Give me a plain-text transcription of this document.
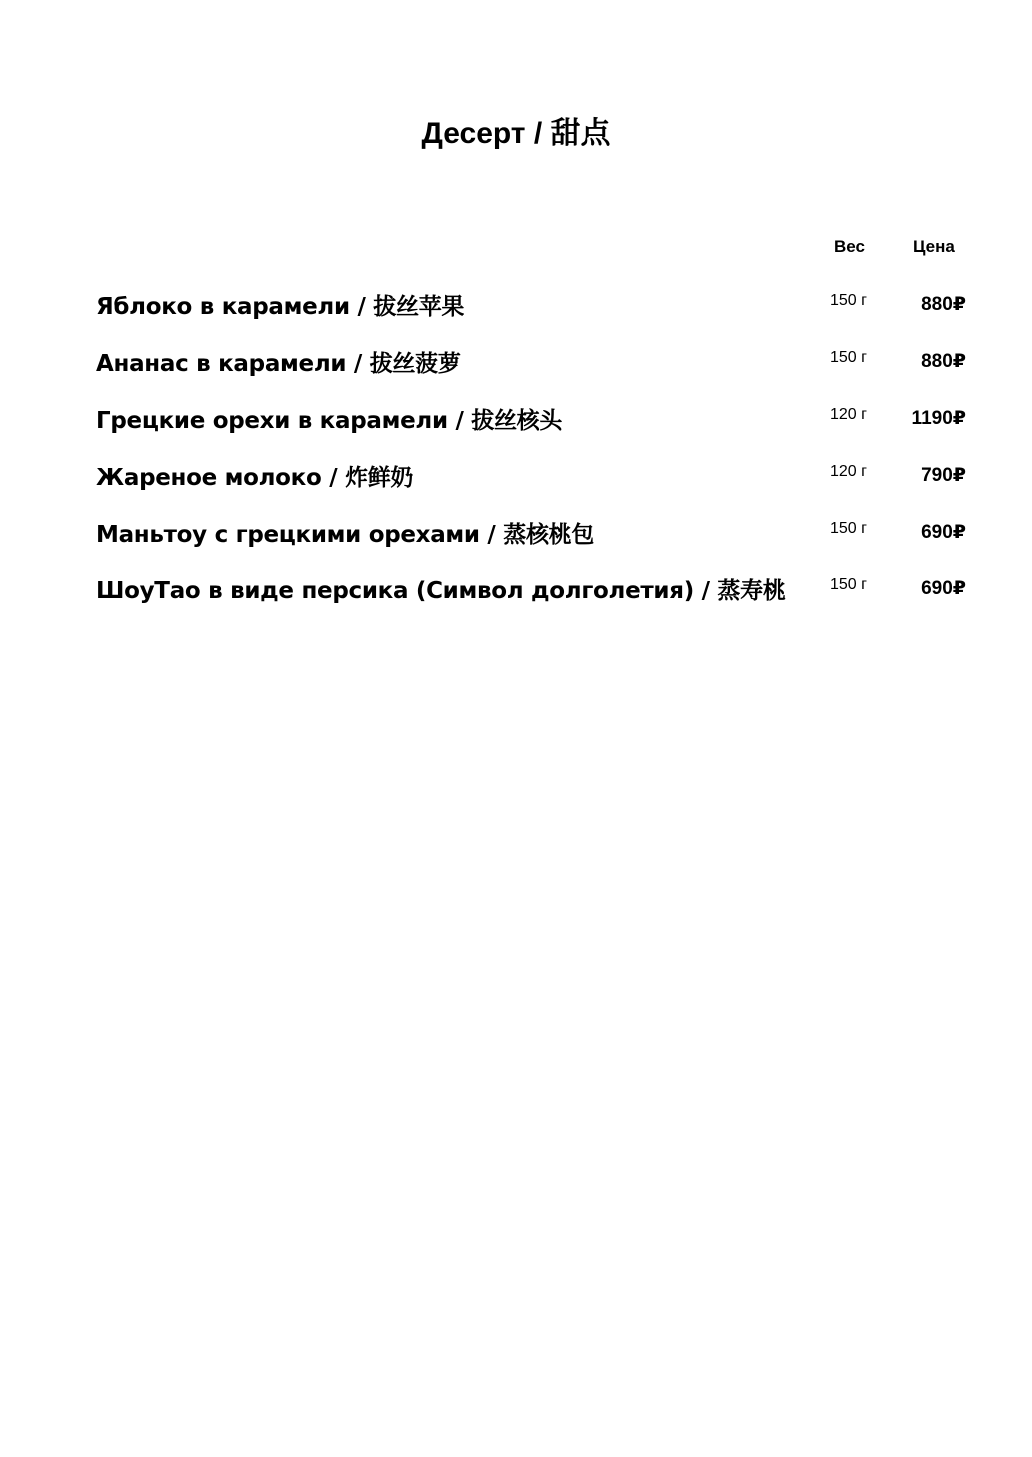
Десерт / 甜点
Вес	Цена
Яблоко в карамели / 拔丝苹果	150 г	880₽
Ананас в карамели / 拔丝菠萝	150 г	880₽
Грецкие орехи в карамели / 拔丝核头	120 г 1190₽
Жареное молоко / 炸鲜奶	120 г	790₽
Маньтоу с грецкими орехами / 蒸核桃包	150 г	690₽
ШоуТао в виде персика (Символ долголетия) / 蒸寿桃	150 г	690₽
